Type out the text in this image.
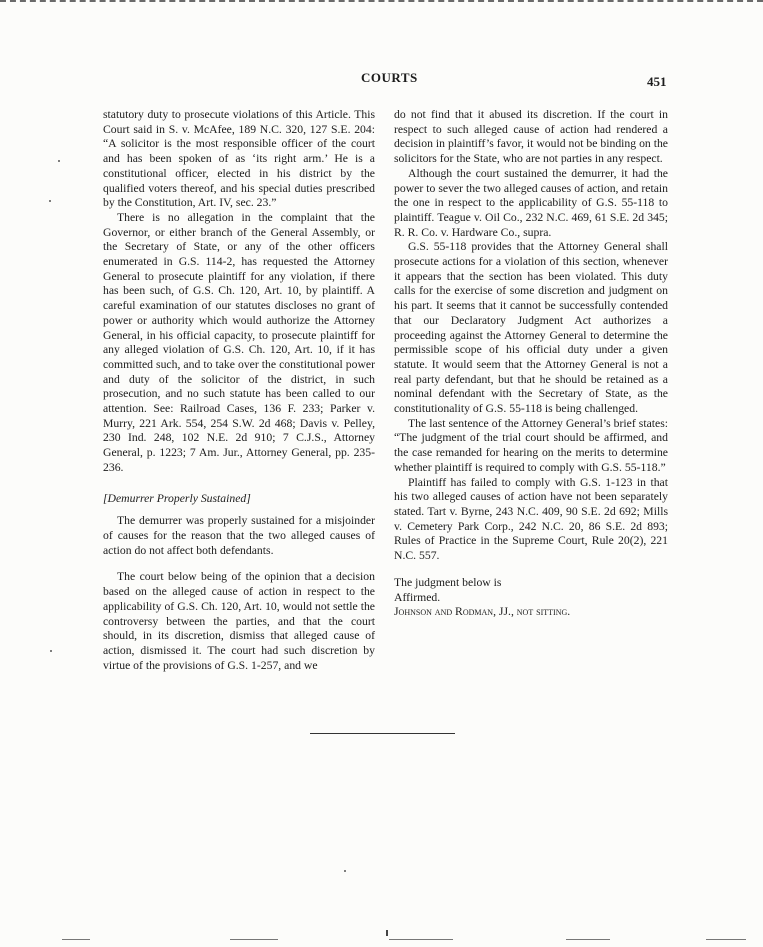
COURTS	451

statutory duty to prosecute violations of this Article. This Court said in S. v. McAfee, 189 N.C. 320, 127 S.E. 204: “A solicitor is the most responsible officer of the court and has been spoken of as ‘its right arm.’ He is a constitutional officer, elected in his district by the qualified voters thereof, and his special duties prescribed by the Constitution, Art. IV, sec. 23.”

There is no allegation in the complaint that the Governor, or either branch of the General Assembly, or the Secretary of State, or any of the other officers enumerated in G.S. 114-2, has requested the Attorney General to prosecute plaintiff for any violation, if there has been such, of G.S. Ch. 120, Art. 10, by plaintiff. A careful examination of our statutes discloses no grant of power or authority which would authorize the Attorney General, in his official capacity, to prosecute plaintiff for any alleged violation of G.S. Ch. 120, Art. 10, if it has committed such, and to take over the constitutional power and duty of the solicitor of the district, in such prosecution, and no such statute has been called to our attention. See: Railroad Cases, 136 F. 233; Parker v. Murry, 221 Ark. 554, 254 S.W. 2d 468; Davis v. Pelley, 230 Ind. 248, 102 N.E. 2d 910; 7 C.J.S., Attorney General, p. 1223; 7 Am. Jur., Attorney General, pp. 235-236.

[Demurrer Properly Sustained]

The demurrer was properly sustained for a misjoinder of causes for the reason that the two alleged causes of action do not affect both defendants.

The court below being of the opinion that a decision based on the alleged cause of action in respect to the applicability of G.S. Ch. 120, Art. 10, would not settle the controversy between the parties, and that the court should, in its discretion, dismiss that alleged cause of action, dismissed it. The court had such discretion by virtue of the provisions of G.S. 1-257, and we

do not find that it abused its discretion. If the court in respect to such alleged cause of action had rendered a decision in plaintiff’s favor, it would not be binding on the solicitors for the State, who are not parties in any respect.

Although the court sustained the demurrer, it had the power to sever the two alleged causes of action, and retain the one in respect to the applicability of G.S. 55-118 to plaintiff. Teague v. Oil Co., 232 N.C. 469, 61 S.E. 2d 345; R. R. Co. v. Hardware Co., supra.

G.S. 55-118 provides that the Attorney General shall prosecute actions for a violation of this section, whenever it appears that the section has been violated. This duty calls for the exercise of some discretion and judgment on his part. It seems that it cannot be successfully contended that our Declaratory Judgment Act authorizes a proceeding against the Attorney General to determine the permissible scope of his official duty under a given statute. It would seem that the Attorney General is not a real party defendant, but that he should be retained as a nominal defendant with the Secretary of State, as the constitutionality of G.S. 55-118 is being challenged.

The last sentence of the Attorney General’s brief states: “The judgment of the trial court should be affirmed, and the case remanded for hearing on the merits to determine whether plaintiff is required to comply with G.S. 55-118.”

Plaintiff has failed to comply with G.S. 1-123 in that his two alleged causes of action have not been separately stated. Tart v. Byrne, 243 N.C. 409, 90 S.E. 2d 692; Mills v. Cemetery Park Corp., 242 N.C. 20, 86 S.E. 2d 893; Rules of Practice in the Supreme Court, Rule 20(2), 221 N.C. 557.

The judgment below is

Affirmed.

Johnson and Rodman, JJ., not sitting.
